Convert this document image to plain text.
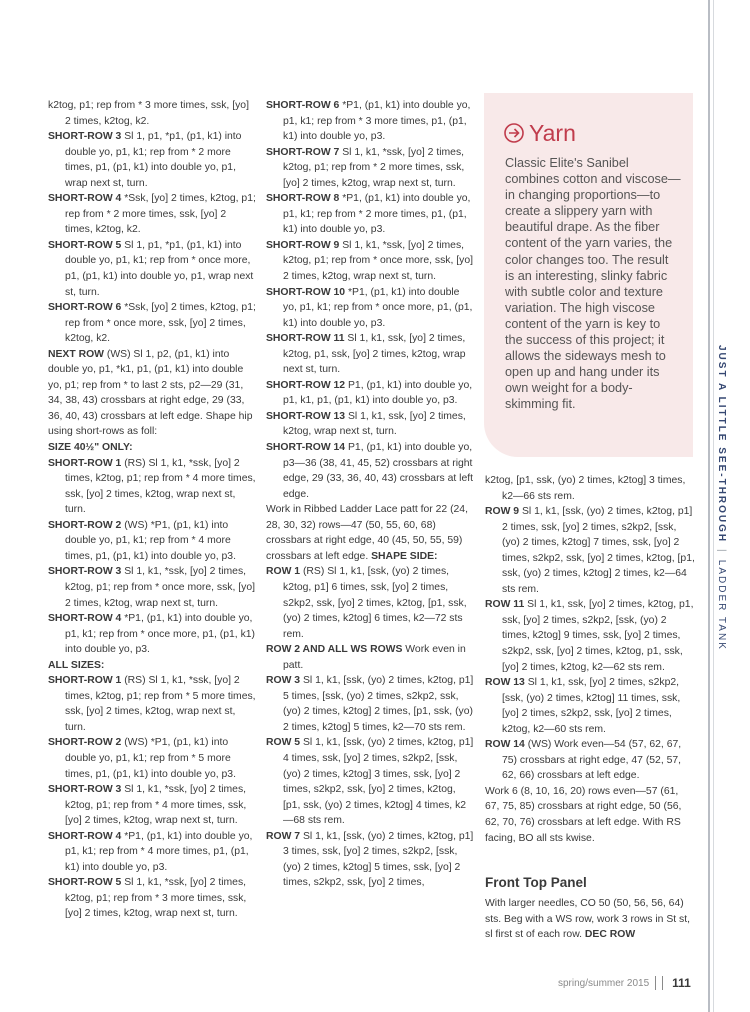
JUST A LITTLE SEE-THROUGH|LADDER TANK

k2tog, p1; rep from * 3 more times, ssk, [yo] 2 times, k2tog, k2.

SHORT-ROW 3 Sl 1, p1, *p1, (p1, k1) into double yo, p1, k1; rep from * 2 more times, p1, (p1, k1) into double yo, p1, wrap next st, turn.

SHORT-ROW 4 *Ssk, [yo] 2 times, k2tog, p1; rep from * 2 more times, ssk, [yo] 2 times, k2tog, k2.

SHORT-ROW 5 Sl 1, p1, *p1, (p1, k1) into double yo, p1, k1; rep from * once more, p1, (p1, k1) into double yo, p1, wrap next st, turn.

SHORT-ROW 6 *Ssk, [yo] 2 times, k2tog, p1; rep from * once more, ssk, [yo] 2 times, k2tog, k2.

NEXT ROW (WS) Sl 1, p2, (p1, k1) into double yo, p1, *k1, p1, (p1, k1) into double yo, p1; rep from * to last 2 sts, p2—29 (31, 34, 38, 43) crossbars at right edge, 29 (33, 36, 40, 43) crossbars at left edge. Shape hip using short-rows as foll:

SIZE 40½" ONLY:

SHORT-ROW 1 (RS) Sl 1, k1, *ssk, [yo] 2 times, k2tog, p1; rep from * 4 more times, ssk, [yo] 2 times, k2tog, wrap next st, turn.

SHORT-ROW 2 (WS) *P1, (p1, k1) into double yo, p1, k1; rep from * 4 more times, p1, (p1, k1) into double yo, p3.

SHORT-ROW 3 Sl 1, k1, *ssk, [yo] 2 times, k2tog, p1; rep from * once more, ssk, [yo] 2 times, k2tog, wrap next st, turn.

SHORT-ROW 4 *P1, (p1, k1) into double yo, p1, k1; rep from * once more, p1, (p1, k1) into double yo, p3.

ALL SIZES:

SHORT-ROW 1 (RS) Sl 1, k1, *ssk, [yo] 2 times, k2tog, p1; rep from * 5 more times, ssk, [yo] 2 times, k2tog, wrap next st, turn.

SHORT-ROW 2 (WS) *P1, (p1, k1) into double yo, p1, k1; rep from * 5 more times, p1, (p1, k1) into double yo, p3.

SHORT-ROW 3 Sl 1, k1, *ssk, [yo] 2 times, k2tog, p1; rep from * 4 more times, ssk, [yo] 2 times, k2tog, wrap next st, turn.

SHORT-ROW 4 *P1, (p1, k1) into double yo, p1, k1; rep from * 4 more times, p1, (p1, k1) into double yo, p3.

SHORT-ROW 5 Sl 1, k1, *ssk, [yo] 2 times, k2tog, p1; rep from * 3 more times, ssk, [yo] 2 times, k2tog, wrap next st, turn.

SHORT-ROW 6 *P1, (p1, k1) into double yo, p1, k1; rep from * 3 more times, p1, (p1, k1) into double yo, p3.

SHORT-ROW 7 Sl 1, k1, *ssk, [yo] 2 times, k2tog, p1; rep from * 2 more times, ssk, [yo] 2 times, k2tog, wrap next st, turn.

SHORT-ROW 8 *P1, (p1, k1) into double yo, p1, k1; rep from * 2 more times, p1, (p1, k1) into double yo, p3.

SHORT-ROW 9 Sl 1, k1, *ssk, [yo] 2 times, k2tog, p1; rep from * once more, ssk, [yo] 2 times, k2tog, wrap next st, turn.

SHORT-ROW 10 *P1, (p1, k1) into double yo, p1, k1; rep from * once more, p1, (p1, k1) into double yo, p3.

SHORT-ROW 11 Sl 1, k1, ssk, [yo] 2 times, k2tog, p1, ssk, [yo] 2 times, k2tog, wrap next st, turn.

SHORT-ROW 12 P1, (p1, k1) into double yo, p1, k1, p1, (p1, k1) into double yo, p3.

SHORT-ROW 13 Sl 1, k1, ssk, [yo] 2 times, k2tog, wrap next st, turn.

SHORT-ROW 14 P1, (p1, k1) into double yo, p3—36 (38, 41, 45, 52) crossbars at right edge, 29 (33, 36, 40, 43) crossbars at left edge.

Work in Ribbed Ladder Lace patt for 22 (24, 28, 30, 32) rows—47 (50, 55, 60, 68) crossbars at right edge, 40 (45, 50, 55, 59) crossbars at left edge. SHAPE SIDE:

ROW 1 (RS) Sl 1, k1, [ssk, (yo) 2 times, k2tog, p1] 6 times, ssk, [yo] 2 times, s2kp2, ssk, [yo] 2 times, k2tog, [p1, ssk, (yo) 2 times, k2tog] 6 times, k2—72 sts rem.

ROW 2 AND ALL WS ROWS Work even in patt.

ROW 3 Sl 1, k1, [ssk, (yo) 2 times, k2tog, p1] 5 times, [ssk, (yo) 2 times, s2kp2, ssk, (yo) 2 times, k2tog] 2 times, [p1, ssk, (yo) 2 times, k2tog] 5 times, k2—70 sts rem.

ROW 5 Sl 1, k1, [ssk, (yo) 2 times, k2tog, p1] 4 times, ssk, [yo] 2 times, s2kp2, [ssk, (yo) 2 times, k2tog] 3 times, ssk, [yo] 2 times, s2kp2, ssk, [yo] 2 times, k2tog, [p1, ssk, (yo) 2 times, k2tog] 4 times, k2—68 sts rem.

ROW 7 Sl 1, k1, [ssk, (yo) 2 times, k2tog, p1] 3 times, ssk, [yo] 2 times, s2kp2, [ssk, (yo) 2 times, k2tog] 5 times, ssk, [yo] 2 times, s2kp2, ssk, [yo] 2 times,

Yarn

Classic Elite's Sanibel combines cotton and viscose—in changing proportions—to create a slippery yarn with beautiful drape. As the fiber content of the yarn varies, the color changes too. The result is an interesting, slinky fabric with subtle color and texture variation. The high viscose content of the yarn is key to the success of this project; it allows the sideways mesh to open up and hang under its own weight for a body-skimming fit.

k2tog, [p1, ssk, (yo) 2 times, k2tog] 3 times, k2—66 sts rem.

ROW 9 Sl 1, k1, [ssk, (yo) 2 times, k2tog, p1] 2 times, ssk, [yo] 2 times, s2kp2, [ssk, (yo) 2 times, k2tog] 7 times, ssk, [yo] 2 times, s2kp2, ssk, [yo] 2 times, k2tog, [p1, ssk, (yo) 2 times, k2tog] 2 times, k2—64 sts rem.

ROW 11 Sl 1, k1, ssk, [yo] 2 times, k2tog, p1, ssk, [yo] 2 times, s2kp2, [ssk, (yo) 2 times, k2tog] 9 times, ssk, [yo] 2 times, s2kp2, ssk, [yo] 2 times, k2tog, p1, ssk, [yo] 2 times, k2tog, k2—62 sts rem.

ROW 13 Sl 1, k1, ssk, [yo] 2 times, s2kp2, [ssk, (yo) 2 times, k2tog] 11 times, ssk, [yo] 2 times, s2kp2, ssk, [yo] 2 times, k2tog, k2—60 sts rem.

ROW 14 (WS) Work even—54 (57, 62, 67, 75) crossbars at right edge, 47 (52, 57, 62, 66) crossbars at left edge.

Work 6 (8, 10, 16, 20) rows even—57 (61, 67, 75, 85) crossbars at right edge, 50 (56, 62, 70, 76) crossbars at left edge. With RS facing, BO all sts kwise.

Front Top Panel

With larger needles, CO 50 (50, 56, 56, 64) sts. Beg with a WS row, work 3 rows in St st, sl first st of each row. DEC ROW

spring/summer 2015 111
